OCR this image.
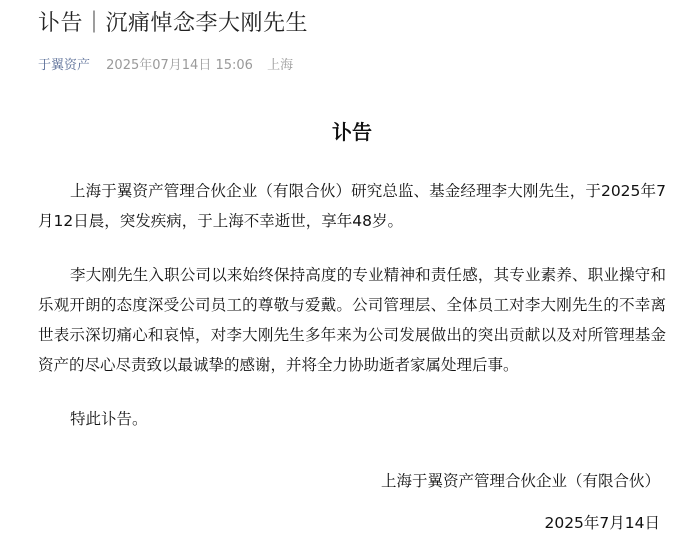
讣告｜沉痛悼念李大刚先生
于翼资产 2025年07月14日 15:06 上海
讣告

上海于翼资产管理合伙企业（有限合伙）研究总监、基金经理李大刚先生，于2025年7月12日晨，突发疾病，于上海不幸逝世，享年48岁。

李大刚先生入职公司以来始终保持高度的专业精神和责任感，其专业素养、职业操守和乐观开朗的态度深受公司员工的尊敬与爱戴。公司管理层、全体员工对李大刚先生的不幸离世表示深切痛心和哀悼，对李大刚先生多年来为公司发展做出的突出贡献以及对所管理基金资产的尽心尽责致以最诚挚的感谢，并将全力协助逝者家属处理后事。

特此讣告。

上海于翼资产管理合伙企业（有限合伙）
2025年7月14日
